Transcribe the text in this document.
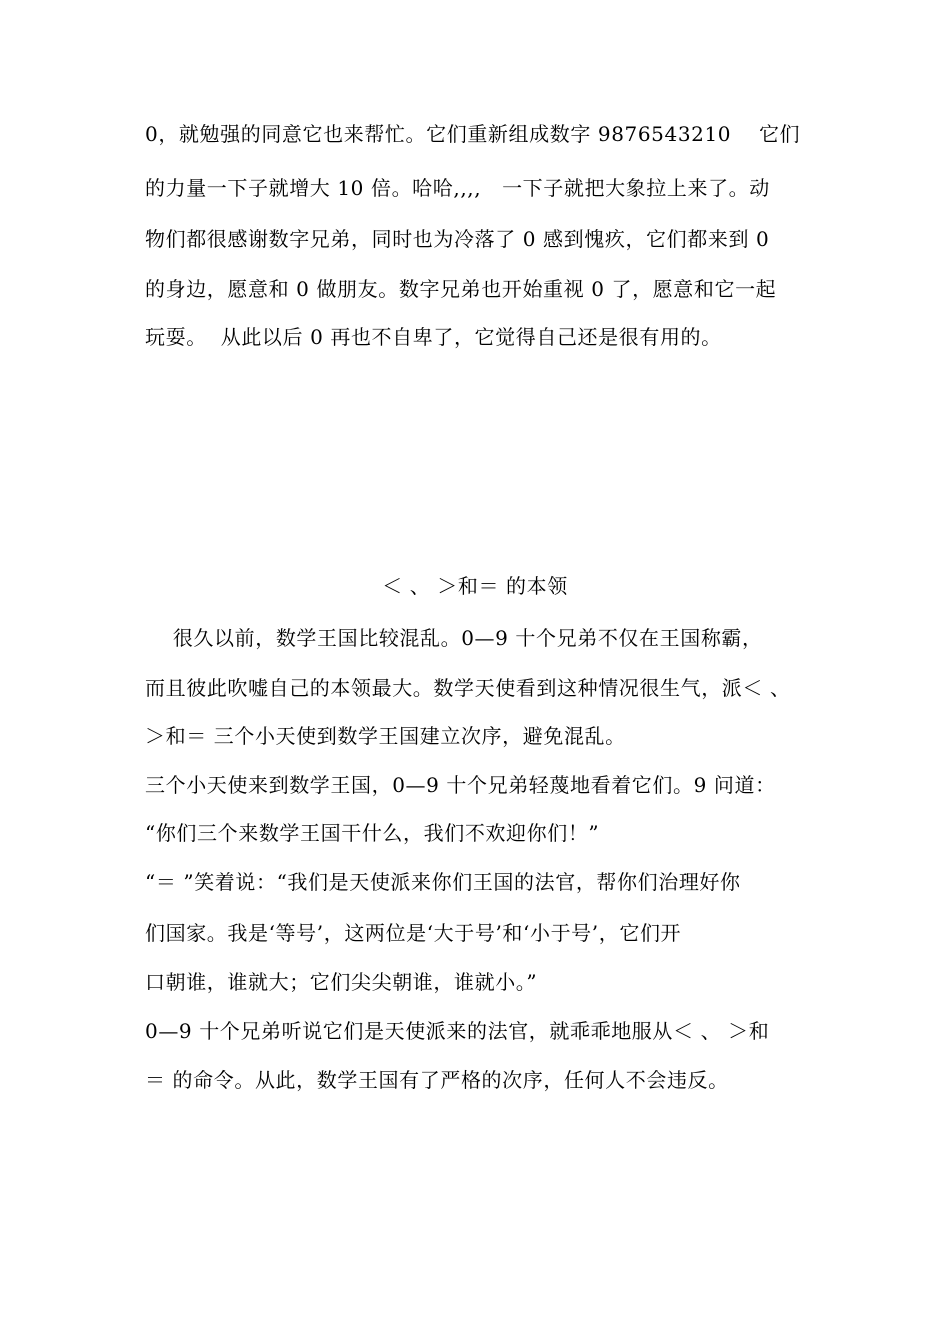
0，就勉强的同意它也来帮忙。它们重新组成数字 9876543210    它们
的力量一下子就增大 10 倍。哈哈,,,,   一下子就把大象拉上来了。动
物们都很感谢数字兄弟，同时也为冷落了 0 感到愧疚，它们都来到 0
的身边，愿意和 0 做朋友。数字兄弟也开始重视 0 了，愿意和它一起
玩耍。  从此以后 0 再也不自卑了，它觉得自己还是很有用的。
＜ 、 ＞和＝ 的本领
很久以前，数学王国比较混乱。0—9 十个兄弟不仅在王国称霸，
而且彼此吹嘘自己的本领最大。数学天使看到这种情况很生气，派＜ 、
＞和＝ 三个小天使到数学王国建立次序，避免混乱。
三个小天使来到数学王国，0—9 十个兄弟轻蔑地看着它们。9 问道：
“你们三个来数学王国干什么，我们不欢迎你们！”
“＝ ”笑着说：“我们是天使派来你们王国的法官，帮你们治理好你
们国家。我是‘等号’，这两位是‘大于号’和‘小于号’，它们开
口朝谁，谁就大；它们尖尖朝谁，谁就小。”
0—9 十个兄弟听说它们是天使派来的法官，就乖乖地服从＜ 、 ＞和
＝ 的命令。从此，数学王国有了严格的次序，任何人不会违反。
